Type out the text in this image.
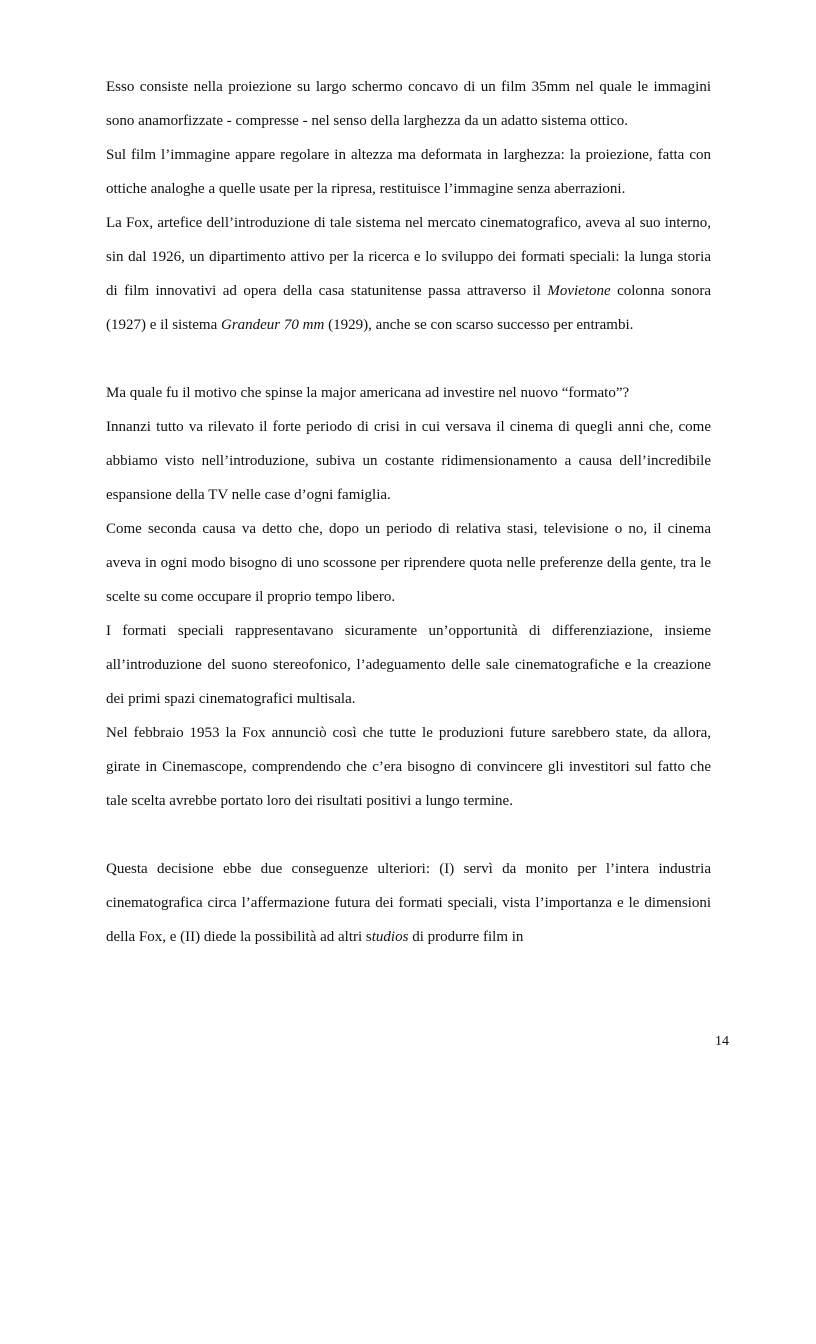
Esso consiste nella proiezione su largo schermo concavo di un film 35mm nel quale le immagini sono anamorfizzate - compresse - nel senso della larghezza da un adatto sistema ottico.

Sul film l’immagine appare regolare in altezza ma deformata in larghezza: la proiezione, fatta con ottiche analoghe a quelle usate per la ripresa, restituisce l’immagine senza aberrazioni.

La Fox, artefice dell’introduzione di tale sistema nel mercato cinematografico, aveva al suo interno, sin dal 1926, un dipartimento attivo per la ricerca e lo sviluppo dei formati speciali: la lunga storia di film innovativi ad opera della casa statunitense passa attraverso il Movietone colonna sonora (1927) e il sistema Grandeur 70 mm (1929), anche se con scarso successo per entrambi.

Ma quale fu il motivo che spinse la major americana ad investire nel nuovo “formato”?

Innanzi tutto va rilevato il forte periodo di crisi in cui versava il cinema di quegli anni che, come abbiamo visto nell’introduzione, subiva un costante ridimensionamento a causa dell’incredibile espansione della TV nelle case d’ogni famiglia.

Come seconda causa va detto che, dopo un periodo di relativa stasi, televisione o no, il cinema aveva in ogni modo bisogno di uno scossone per riprendere quota nelle preferenze della gente, tra le scelte su come occupare il proprio tempo libero.

I formati speciali rappresentavano sicuramente un’opportunità di differenziazione, insieme all’introduzione del suono stereofonico, l’adeguamento delle sale cinematografiche e la creazione dei primi spazi cinematografici multisala.

Nel febbraio 1953 la Fox annunciò così che tutte le produzioni future sarebbero state, da allora, girate in Cinemascope, comprendendo che c’era bisogno di convincere gli investitori sul fatto che tale scelta avrebbe portato loro dei risultati positivi a lungo termine.

Questa decisione ebbe due conseguenze ulteriori: (I) servì da monito per l’intera industria cinematografica circa l’affermazione futura dei formati speciali, vista l’importanza e le dimensioni della Fox, e (II) diede la possibilità ad altri studios di produrre film in

14
